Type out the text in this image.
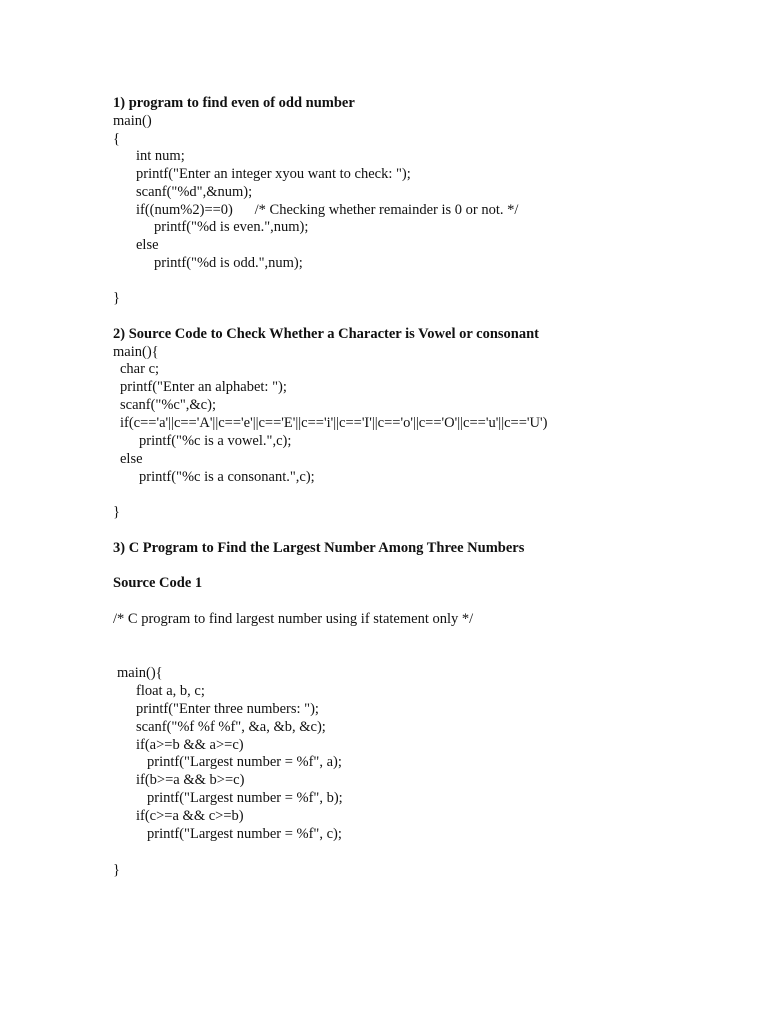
1) program to find even of odd number
main()
{
int num;
printf("Enter an integer xyou want to check: ");
scanf("%d",&num);
if((num%2)==0)      /* Checking whether remainder is 0 or not. */
printf("%d is even.",num);
else
printf("%d is odd.",num);
}
2) Source Code to Check Whether a Character is Vowel or consonant
main(){
char c;
printf("Enter an alphabet: ");
scanf("%c",&c);
if(c=='a'||c=='A'||c=='e'||c=='E'||c=='i'||c=='I'||c=='o'||c=='O'||c=='u'||c=='U')
printf("%c is a vowel.",c);
else
printf("%c is a consonant.",c);
}
3) C Program to Find the Largest Number Among Three Numbers
Source Code 1
/* C program to find largest number using if statement only */
main(){
float a, b, c;
printf("Enter three numbers: ");
scanf("%f %f %f", &a, &b, &c);
if(a>=b && a>=c)
printf("Largest number = %f", a);
if(b>=a && b>=c)
printf("Largest number = %f", b);
if(c>=a && c>=b)
printf("Largest number = %f", c);
}
